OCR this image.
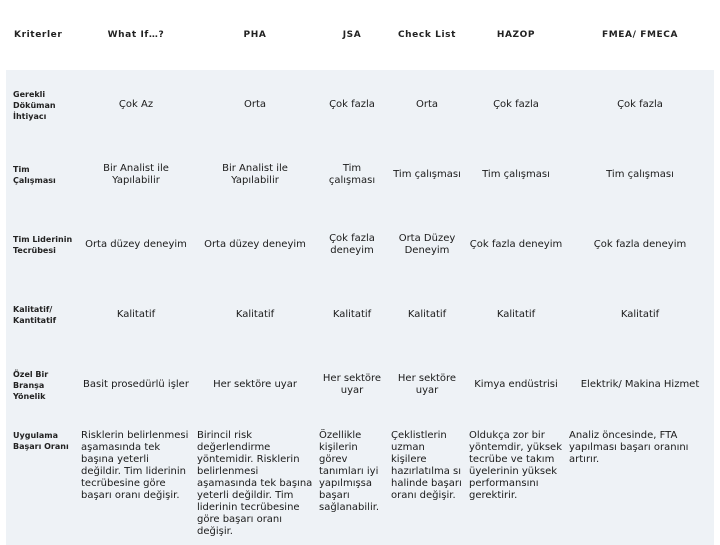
Kriterler	What If…?	PHA	JSA	Check List	HAZOP	FMEA/ FMECA
Gerekli Döküman İhtiyacı	Çok Az	Orta	Çok fazla	Orta	Çok fazla	Çok fazla
Tim Çalışması	Bir Analist ile Yapılabilir	Bir Analist ile Yapılabilir	Tim çalışması	Tim çalışması	Tim çalışması	Tim çalışması
Tim Liderinin Tecrübesi	Orta düzey deneyim	Orta düzey deneyim	Çok fazla deneyim	Orta Düzey Deneyim	Çok fazla deneyim	Çok fazla deneyim
Kalitatif/ Kantitatif	Kalitatif	Kalitatif	Kalitatif	Kalitatif	Kalitatif	Kalitatif
Özel Bir Branşa Yönelik	Basit prosedürlü işler	Her sektöre uyar	Her sektöre uyar	Her sektöre uyar	Kimya endüstrisi	Elektrik/ Makina Hizmet
Uygulama Başarı Oranı	Risklerin belirlenmesi aşamasında tek başına yeterli değildir. Tim liderinin tecrübesine göre başarı oranı değişir.	Birincil risk değerlendirme yöntemidir. Risklerin belirlenmesi aşamasında tek başına yeterli değildir. Tim liderinin tecrübesine göre başarı oranı değişir.	Özellikle kişilerin görev tanımları iyi yapılmışsa başarı sağlanabilir.	Çeklistlerin uzman kişilere hazırlatılma sı halinde başarı oranı değişir.	Oldukça zor bir yöntemdir, yüksek tecrübe ve takım üyelerinin yüksek performansını gerektirir.	Analiz öncesinde, FTA yapılması başarı oranını artırır.
